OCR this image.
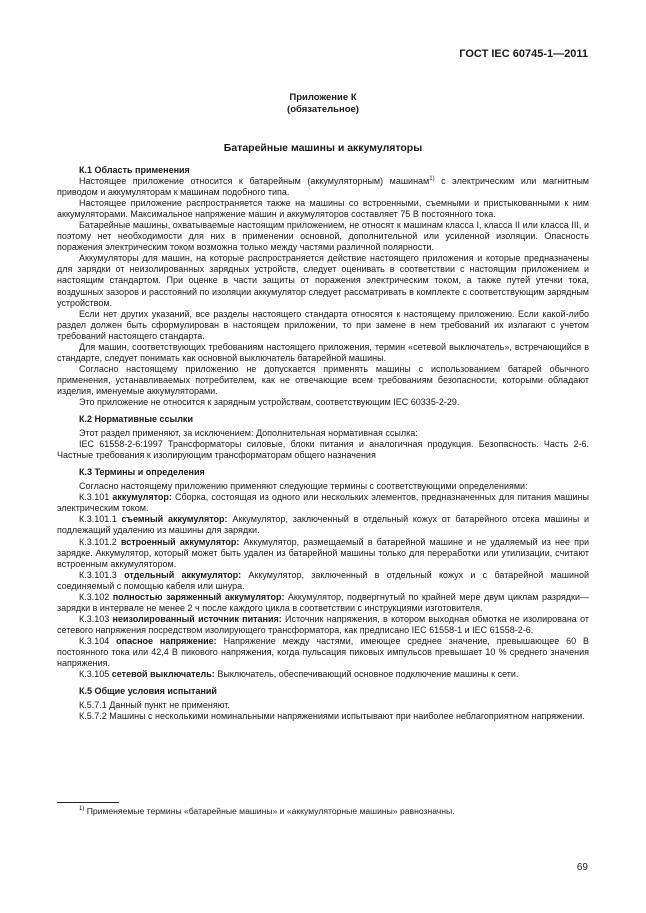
ГОСТ IEC 60745-1—2011
Приложение К
(обязательное)
Батарейные машины и аккумуляторы
К.1 Область применения

Настоящее приложение относится к батарейным (аккумуляторным) машинам$^{1)}$ с электрическим или магнитным приводом и аккумуляторам к машинам подобного типа.

Настоящее приложение распространяется также на машины со встроенными, съемными и пристыкованными к ним аккумуляторами. Максимальное напряжение машин и аккумуляторов составляет 75 В постоянного тока.

Батарейные машины, охватываемые настоящим приложением, не относят к машинам класса I, класса II или класса III, и поэтому нет необходимости для них в применении основной, дополнительной или усиленной изоляции. Опасность поражения электрическим током возможна только между частями различной полярности.

Аккумуляторы для машин, на которые распространяется действие настоящего приложения и которые предназначены для зарядки от неизолированных зарядных устройств, следует оценивать в соответствии с настоящим приложением и настоящим стандартом. При оценке в части защиты от поражения электрическим током, а также путей утечки тока, воздушных зазоров и расстояний по изоляции аккумулятор следует рассматривать в комплекте с соответствующим зарядным устройством.

Если нет других указаний, все разделы настоящего стандарта относятся к настоящему приложению. Если какой-либо раздел должен быть сформулирован в настоящем приложении, то при замене в нем требований их излагают с учетом требований настоящего стандарта.

Для машин, соответствующих требованиям настоящего приложения, термин «сетевой выключатель», встречающийся в стандарте, следует понимать как основной выключатель батарейной машины.

Согласно настоящему приложению не допускается применять машины с использованием батарей обычного применения, устанавливаемых потребителем, как не отвечающие всем требованиям безопасности, которыми обладают изделия, именуемые аккумуляторами.

Это приложение не относится к зарядным устройствам, соответствующим IEC 60335-2-29.

К.2 Нормативные ссылки

Этот раздел применяют, за исключением: Дополнительная нормативная ссылка:

IEC 61558-2-6:1997 Трансформаторы силовые, блоки питания и аналогичная продукция. Безопасность. Часть 2-6. Частные требования к изолирующим трансформаторам общего назначения

К.3 Термины и определения

Согласно настоящему приложению применяют следующие термины с соответствующими определениями:

К.3.101 аккумулятор: Сборка, состоящая из одного или нескольких элементов, предназначенных для питания машины электрическим током.

К.3.101.1 съемный аккумулятор: Аккумулятор, заключенный в отдельный кожух от батарейного отсека машины и подлежащий удалению из машины для зарядки.

К.3.101.2 встроенный аккумулятор: Аккумулятор, размещаемый в батарейной машине и не удаляемый из нее при зарядке. Аккумулятор, который может быть удален из батарейной машины только для переработки или утилизации, считают встроенным аккумулятором.

К.3.101.3 отдельный аккумулятор: Аккумулятор, заключенный в отдельный кожух и с батарейной машиной соединяемый с помощью кабеля или шнура.

К.3.102 полностью заряженный аккумулятор: Аккумулятор, подвергнутый по крайней мере двум циклам разрядки—зарядки в интервале не менее 2 ч после каждого цикла в соответствии с инструкциями изготовителя.

К.3.103 неизолированный источник питания: Источник напряжения, в котором выходная обмотка не изолирована от сетевого напряжения посредством изолирующего трансформатора, как предписано IEC 61558-1 и IEC 61558-2-6.

К.3.104 опасное напряжение: Напряжение между частями, имеющее среднее значение, превышающее 60 В постоянного тока или 42,4 В пикового напряжения, когда пульсация пиковых импульсов превышает 10 % среднего значения напряжения.

К.3.105 сетевой выключатель: Выключатель, обеспечивающий основное подключение машины к сети.

К.5 Общие условия испытаний

К.5.7.1 Данный пункт не применяют.

К.5.7.2 Машины с несколькими номинальными напряжениями испытывают при наиболее неблагоприятном напряжении.

$^{1)}$ Применяемые термины «батарейные машины» и «аккумуляторные машины» равнозначны.
69
